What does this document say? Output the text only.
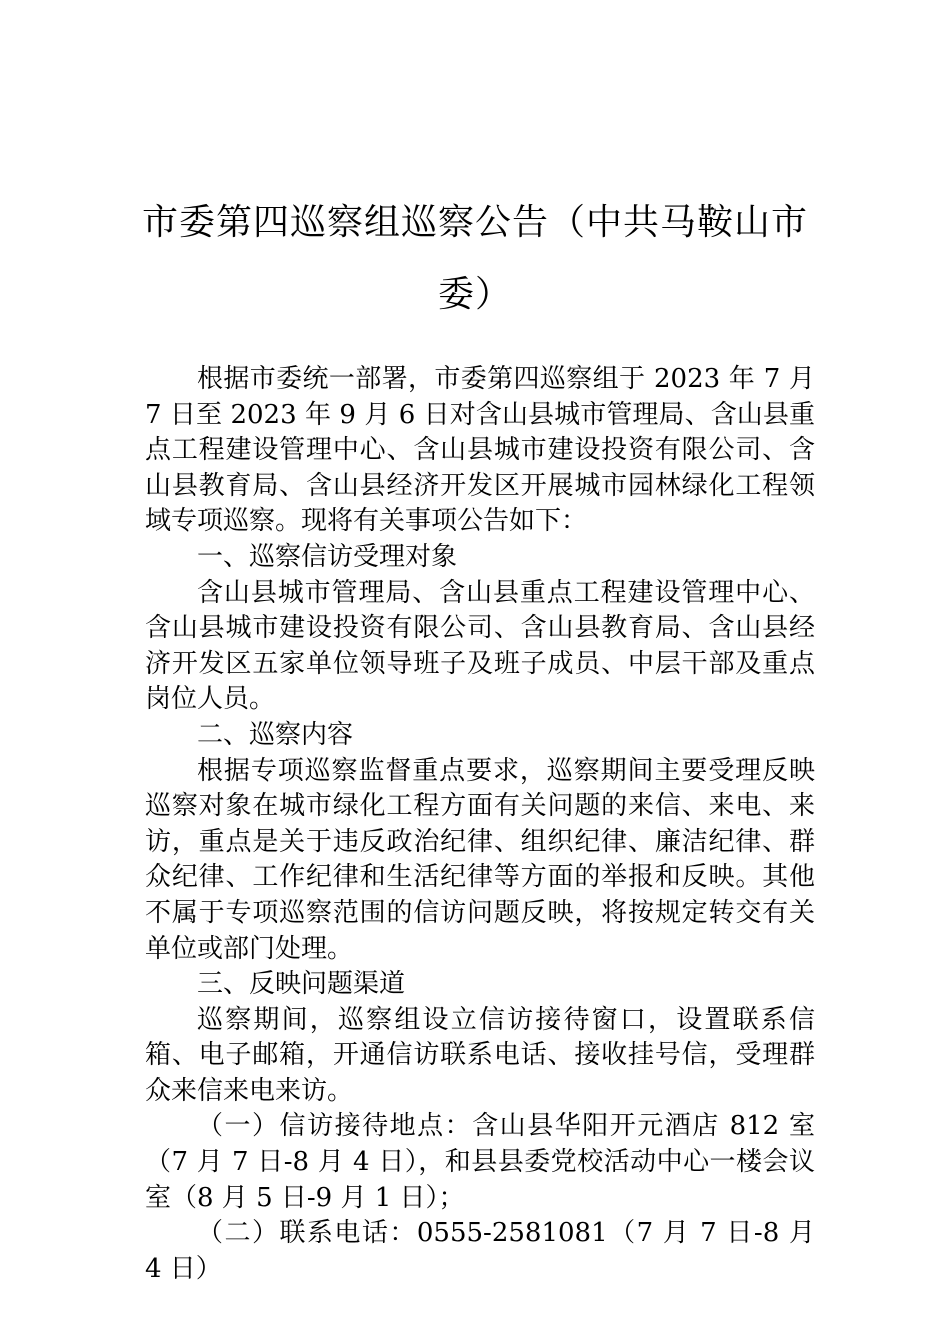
市委第四巡察组巡察公告（中共马鞍山市
委）

根据市委统一部署，市委第四巡察组于 2023 年 7 月 7 日至 2023 年 9 月 6 日对含山县城市管理局、含山县重点工程建设管理中心、含山县城市建设投资有限公司、含山县教育局、含山县经济开发区开展城市园林绿化工程领域专项巡察。现将有关事项公告如下：

一、巡察信访受理对象

含山县城市管理局、含山县重点工程建设管理中心、含山县城市建设投资有限公司、含山县教育局、含山县经济开发区五家单位领导班子及班子成员、中层干部及重点岗位人员。

二、巡察内容

根据专项巡察监督重点要求，巡察期间主要受理反映巡察对象在城市绿化工程方面有关问题的来信、来电、来访，重点是关于违反政治纪律、组织纪律、廉洁纪律、群众纪律、工作纪律和生活纪律等方面的举报和反映。其他不属于专项巡察范围的信访问题反映，将按规定转交有关单位或部门处理。

三、反映问题渠道

巡察期间，巡察组设立信访接待窗口，设置联系信箱、电子邮箱，开通信访联系电话、接收挂号信，受理群众来信来电来访。

（一）信访接待地点：含山县华阳开元酒店 812 室（7 月 7 日-8 月 4 日），和县县委党校活动中心一楼会议室（8 月 5 日-9 月 1 日）；

（二）联系电话：0555-2581081（7 月 7 日-8 月 4 日）
